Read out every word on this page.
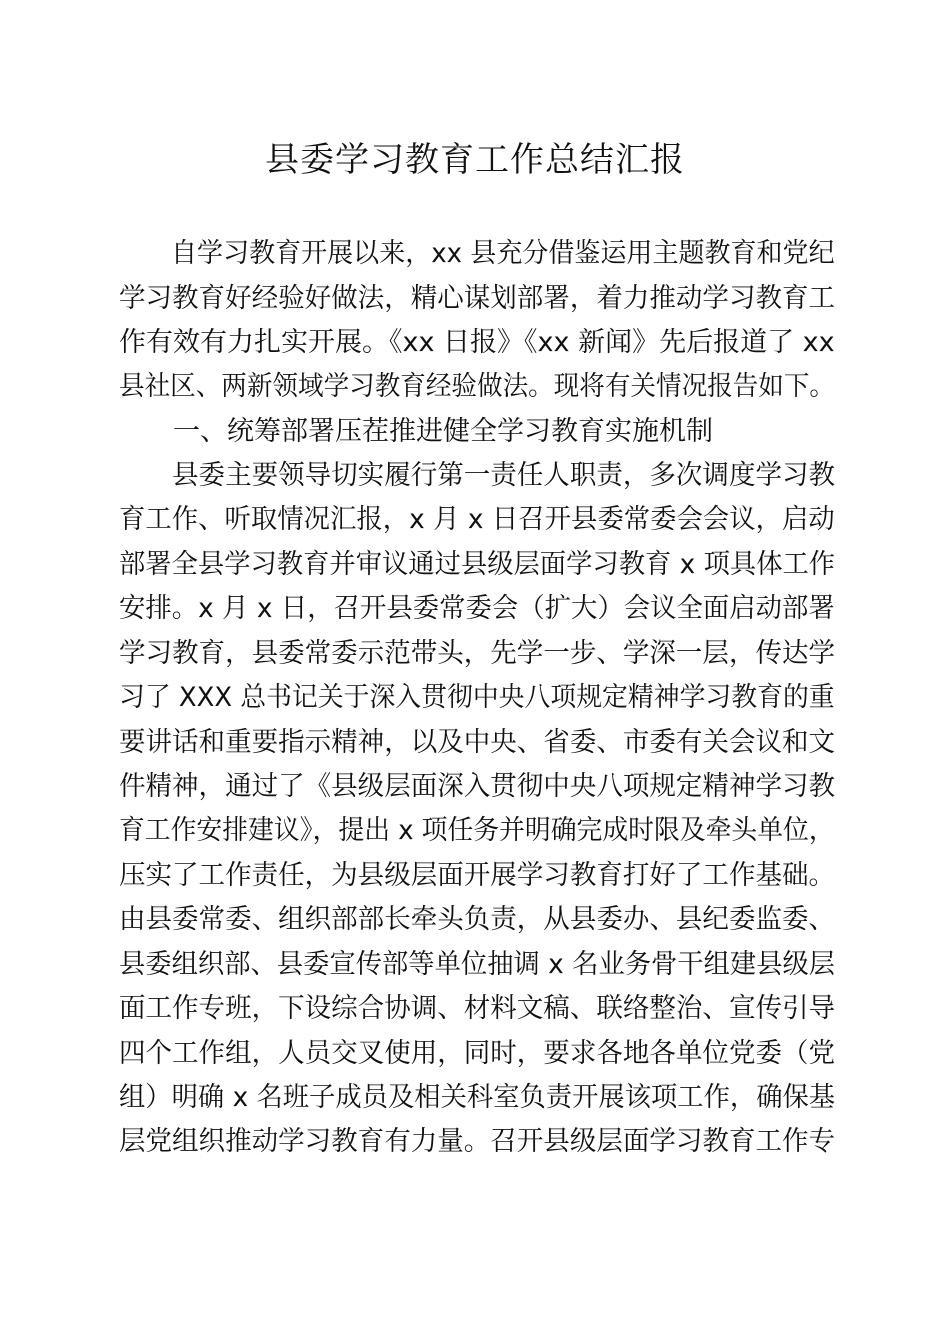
县委学习教育工作总结汇报
　　自学习教育开展以来，xx 县充分借鉴运用主题教育和党纪
学习教育好经验好做法，精心谋划部署，着力推动学习教育工
作有效有力扎实开展。《xx 日报》《xx 新闻》先后报道了 xx
县社区、两新领域学习教育经验做法。现将有关情况报告如下。
　　一、统筹部署压茬推进健全学习教育实施机制
　　县委主要领导切实履行第一责任人职责，多次调度学习教
育工作、听取情况汇报，x 月 x 日召开县委常委会会议，启动
部署全县学习教育并审议通过县级层面学习教育 x 项具体工作
安排。x 月 x 日，召开县委常委会（扩大）会议全面启动部署
学习教育，县委常委示范带头，先学一步、学深一层，传达学
习了 XXX 总书记关于深入贯彻中央八项规定精神学习教育的重
要讲话和重要指示精神，以及中央、省委、市委有关会议和文
件精神，通过了《县级层面深入贯彻中央八项规定精神学习教
育工作安排建议》，提出 x 项任务并明确完成时限及牵头单位，
压实了工作责任，为县级层面开展学习教育打好了工作基础。
由县委常委、组织部部长牵头负责，从县委办、县纪委监委、
县委组织部、县委宣传部等单位抽调 x 名业务骨干组建县级层
面工作专班，下设综合协调、材料文稿、联络整治、宣传引导
四个工作组，人员交叉使用，同时，要求各地各单位党委（党
组）明确 x 名班子成员及相关科室负责开展该项工作，确保基
层党组织推动学习教育有力量。召开县级层面学习教育工作专
